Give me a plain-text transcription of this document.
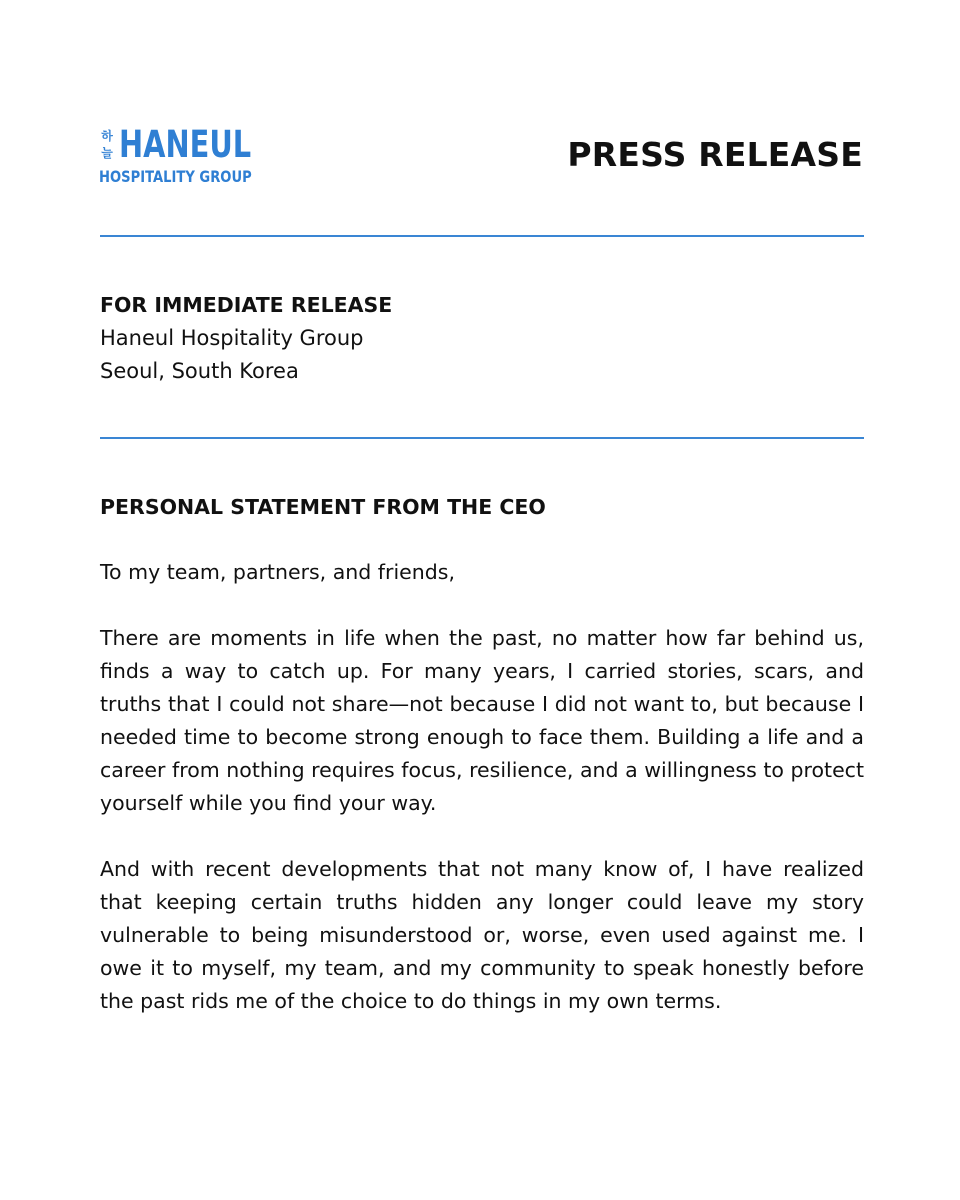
하
늘 HANEUL
HOSPITALITY GROUP
PRESS RELEASE
FOR IMMEDIATE RELEASE
Haneul Hospitality Group
Seoul, South Korea
PERSONAL STATEMENT FROM THE CEO

To my team, partners, and friends,

There are moments in life when the past, no matter how far behind us, finds a way to catch up. For many years, I carried stories, scars, and truths that I could not share—not because I did not want to, but because I needed time to become strong enough to face them. Building a life and a career from nothing requires focus, resilience, and a willingness to protect yourself while you find your way.

And with recent developments that not many know of, I have realized that keeping certain truths hidden any longer could leave my story vulnerable to being misunderstood or, worse, even used against me. I owe it to myself, my team, and my community to speak honestly before the past rids me of the choice to do things in my own terms.
